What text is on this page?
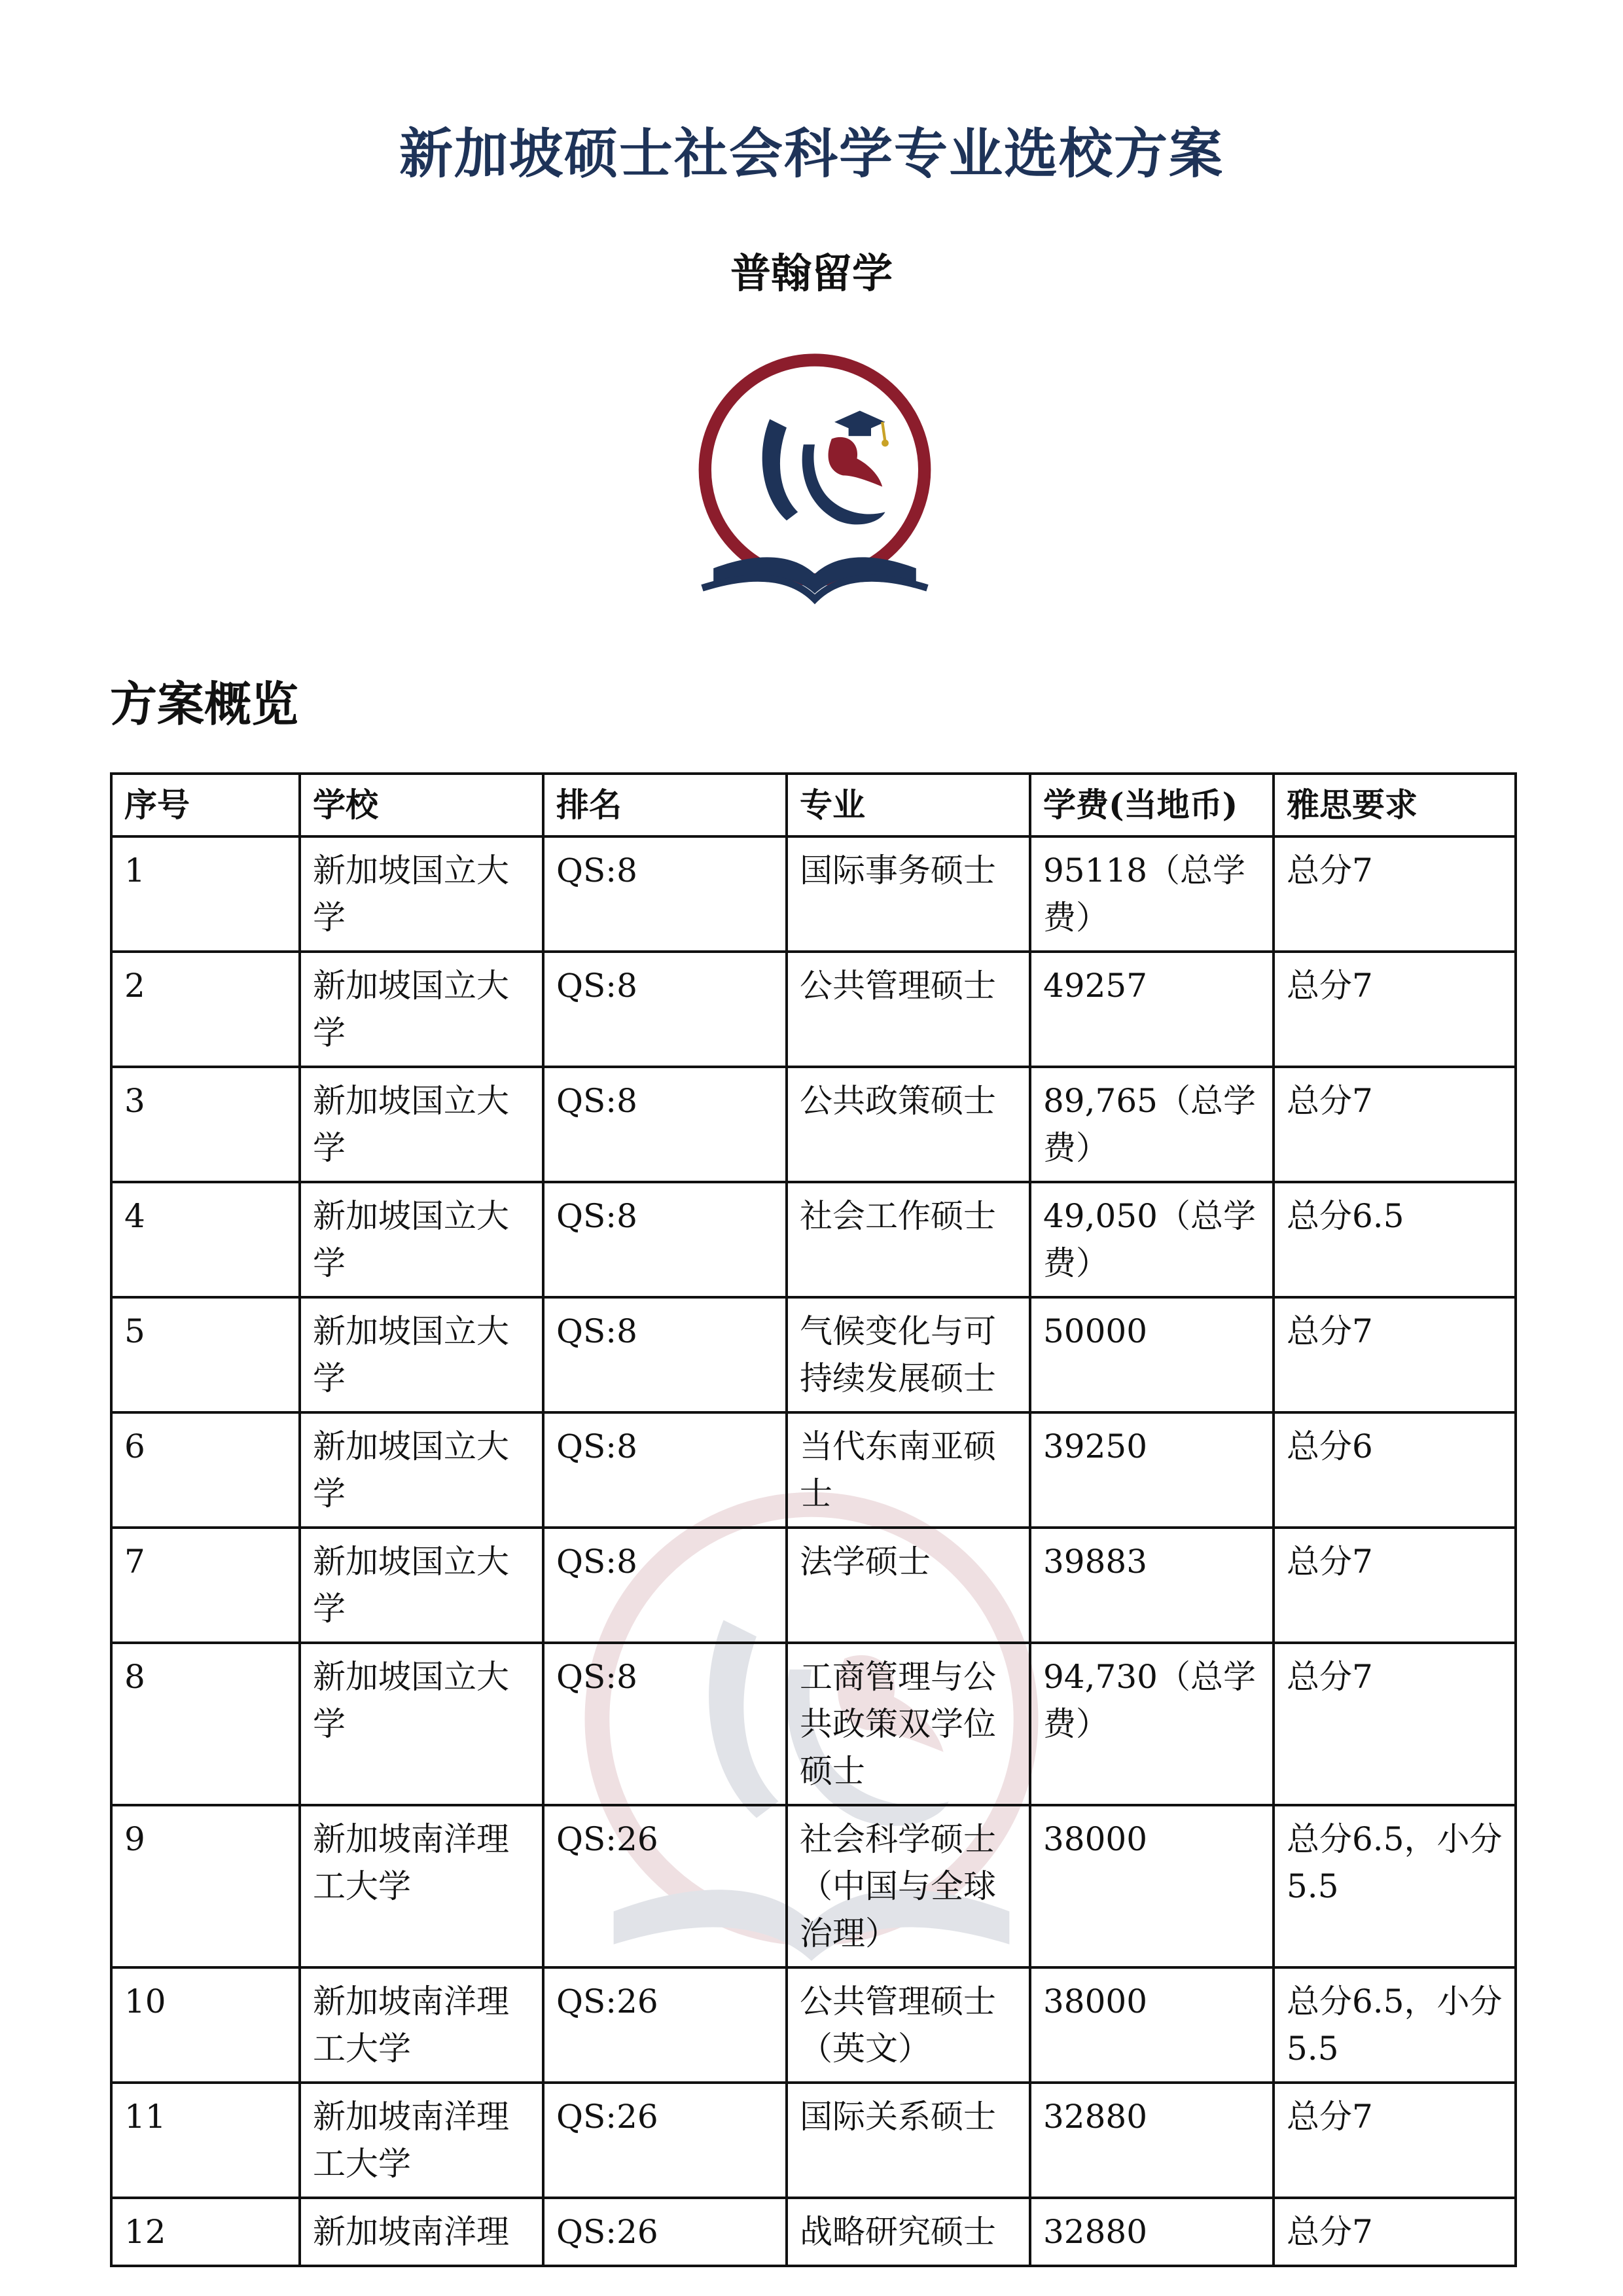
新加坡硕士社会科学专业选校方案
普翰留学
方案概览
序号	学校	排名	专业	学费(当地币)	雅思要求
1	新加坡国立大学	QS:8	国际事务硕士	95118（总学费）	总分7
2	新加坡国立大学	QS:8	公共管理硕士	49257	总分7
3	新加坡国立大学	QS:8	公共政策硕士	89,765（总学费）	总分7
4	新加坡国立大学	QS:8	社会工作硕士	49,050（总学费）	总分6.5
5	新加坡国立大学	QS:8	气候变化与可持续发展硕士	50000	总分7
6	新加坡国立大学	QS:8	当代东南亚硕士	39250	总分6
7	新加坡国立大学	QS:8	法学硕士	39883	总分7
8	新加坡国立大学	QS:8	工商管理与公共政策双学位硕士	94,730（总学费）	总分7
9	新加坡南洋理工大学	QS:26	社会科学硕士（中国与全球治理）	38000	总分6.5，小分5.5
10	新加坡南洋理工大学	QS:26	公共管理硕士（英文）	38000	总分6.5，小分5.5
11	新加坡南洋理工大学	QS:26	国际关系硕士	32880	总分7
12	新加坡南洋理	QS:26	战略研究硕士	32880	总分7
